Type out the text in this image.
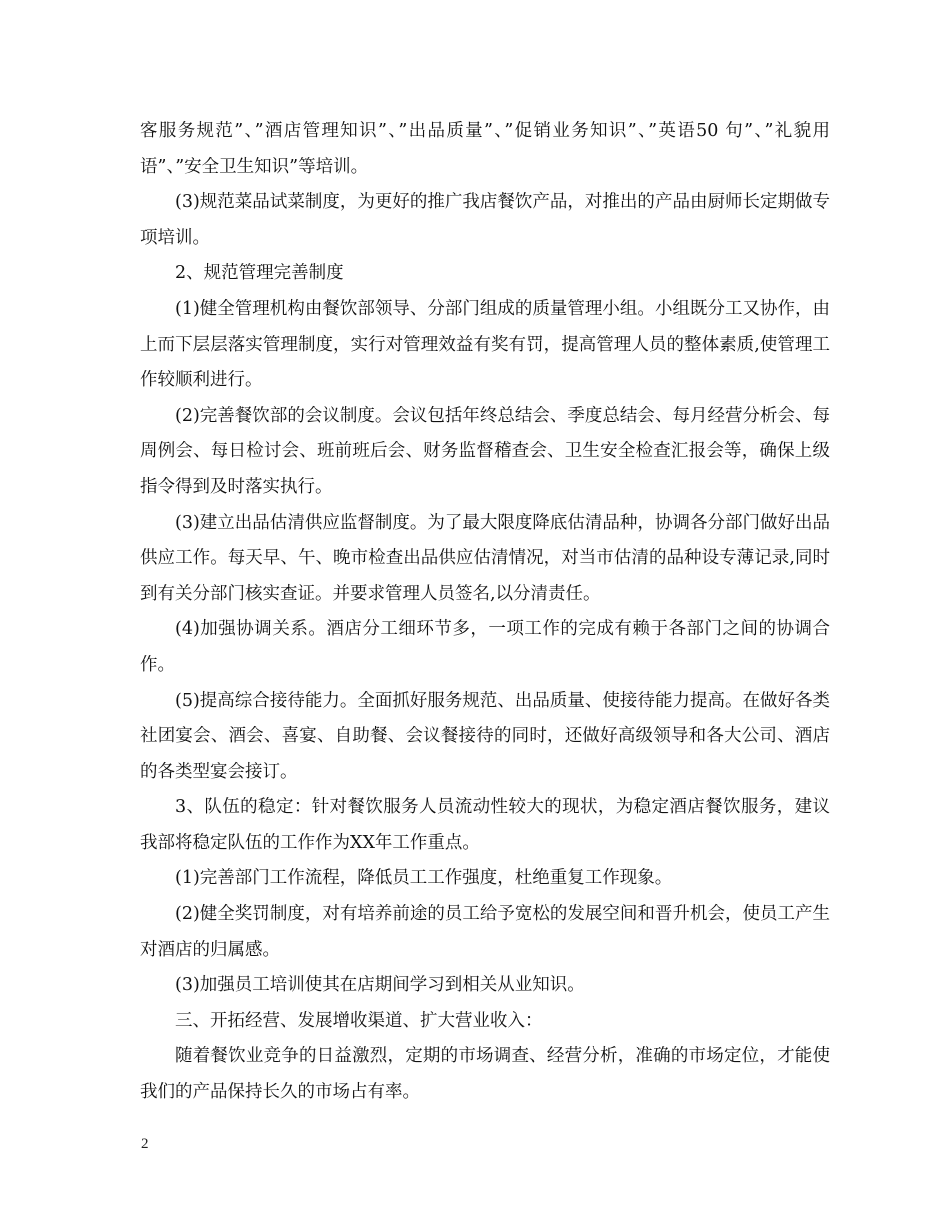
客服务规范”、”酒店管理知识”、”出品质量”、”促销业务知识”、”英语50 句”、”礼貌用语”、”安全卫生知识”等培训。

(3)规范菜品试菜制度，为更好的推广我店餐饮产品，对推出的产品由厨师长定期做专项培训。

2、规范管理完善制度

(1)健全管理机构由餐饮部领导、分部门组成的质量管理小组。小组既分工又协作，由上而下层层落实管理制度，实行对管理效益有奖有罚，提高管理人员的整体素质,使管理工作较顺利进行。

(2)完善餐饮部的会议制度。会议包括年终总结会、季度总结会、每月经营分析会、每周例会、每日检讨会、班前班后会、财务监督稽查会、卫生安全检查汇报会等，确保上级指令得到及时落实执行。

(3)建立出品估清供应监督制度。为了最大限度降底估清品种，协调各分部门做好出品供应工作。每天早、午、晚市检查出品供应估清情况，对当市估清的品种设专薄记录,同时到有关分部门核实查证。并要求管理人员签名,以分清责任。

(4)加强协调关系。酒店分工细环节多，一项工作的完成有赖于各部门之间的协调合作。

(5)提高综合接待能力。全面抓好服务规范、出品质量、使接待能力提高。在做好各类社团宴会、酒会、喜宴、自助餐、会议餐接待的同时，还做好高级领导和各大公司、酒店的各类型宴会接订。

3、队伍的稳定：针对餐饮服务人员流动性较大的现状，为稳定酒店餐饮服务，建议我部将稳定队伍的工作作为XX年工作重点。

(1)完善部门工作流程，降低员工工作强度，杜绝重复工作现象。

(2)健全奖罚制度，对有培养前途的员工给予宽松的发展空间和晋升机会，使员工产生对酒店的归属感。

(3)加强员工培训使其在店期间学习到相关从业知识。

三、开拓经营、发展增收渠道、扩大营业收入：

随着餐饮业竞争的日益激烈，定期的市场调查、经营分析，准确的市场定位，才能使我们的产品保持长久的市场占有率。

2
